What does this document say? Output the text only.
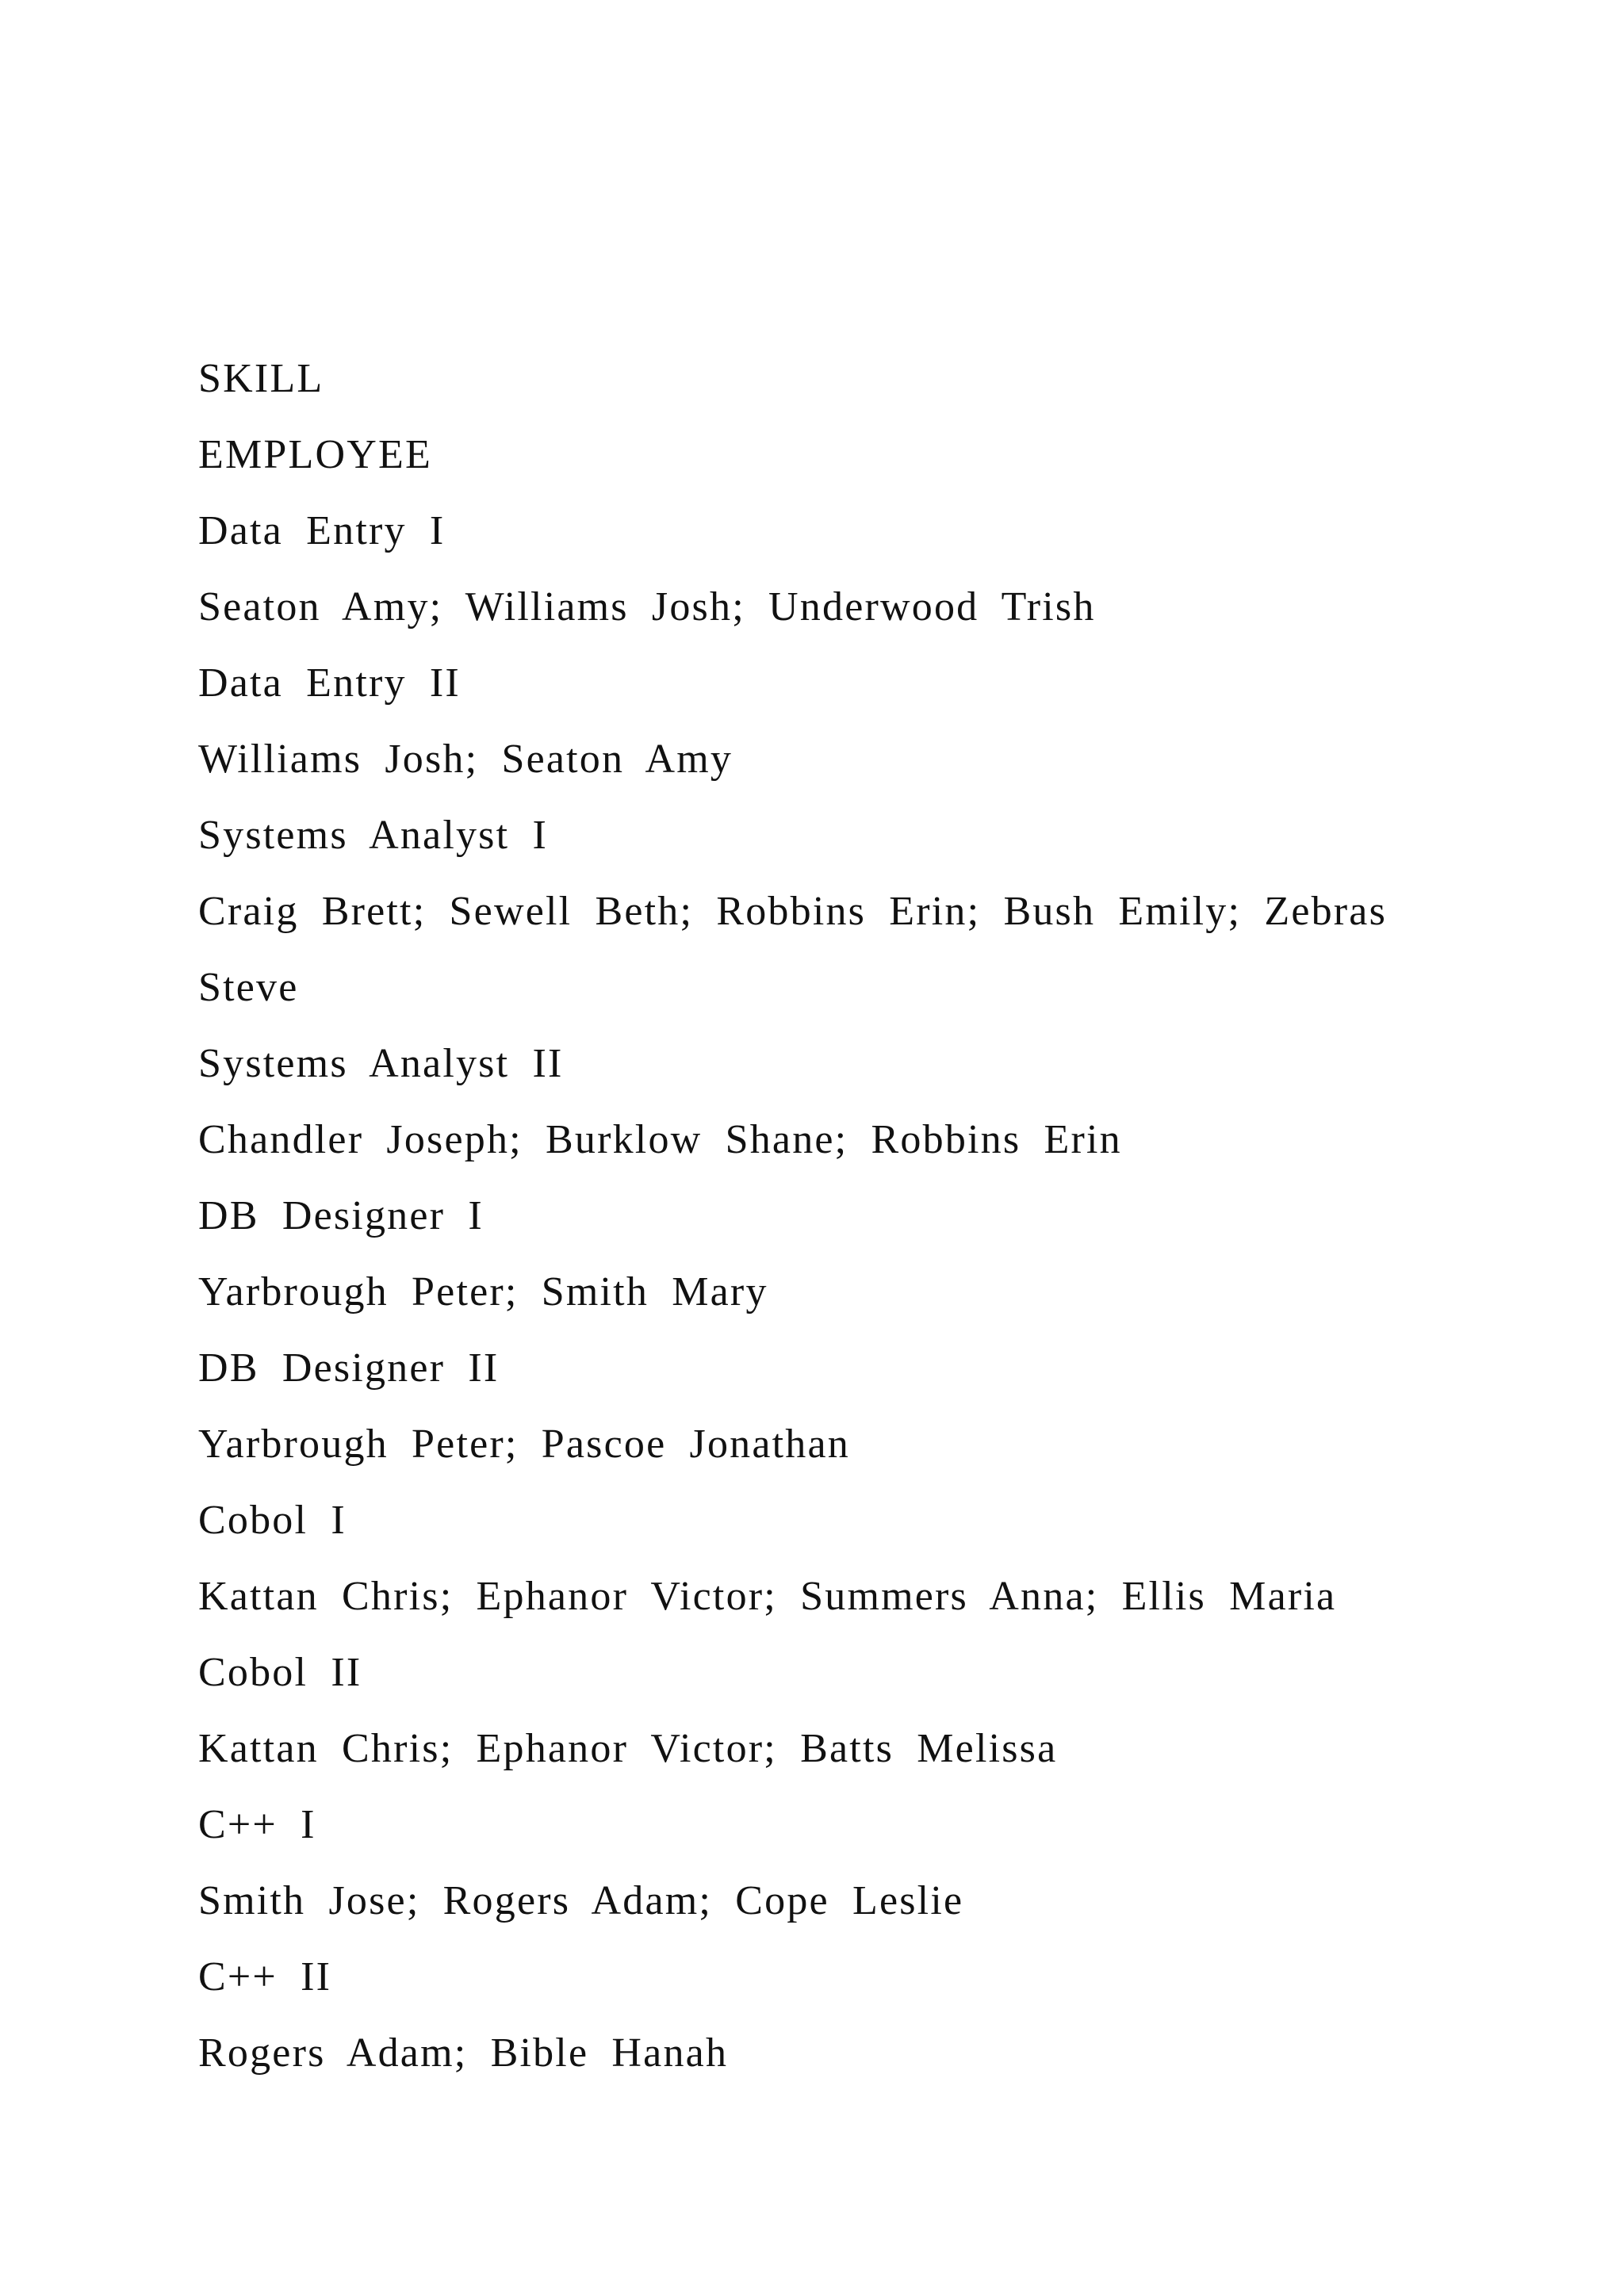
SKILL

EMPLOYEE

Data Entry I

Seaton Amy; Williams Josh; Underwood Trish

Data Entry II

Williams Josh; Seaton Amy

Systems Analyst I

Craig Brett; Sewell Beth; Robbins Erin; Bush Emily; Zebras

Steve

Systems Analyst II

Chandler Joseph; Burklow Shane; Robbins Erin

DB Designer I

Yarbrough Peter; Smith Mary

DB Designer II

Yarbrough Peter; Pascoe Jonathan

Cobol I

Kattan Chris; Ephanor Victor; Summers Anna; Ellis Maria

Cobol II

Kattan Chris; Ephanor Victor; Batts Melissa

C++ I

Smith Jose; Rogers Adam; Cope Leslie

C++ II

Rogers Adam; Bible Hanah
